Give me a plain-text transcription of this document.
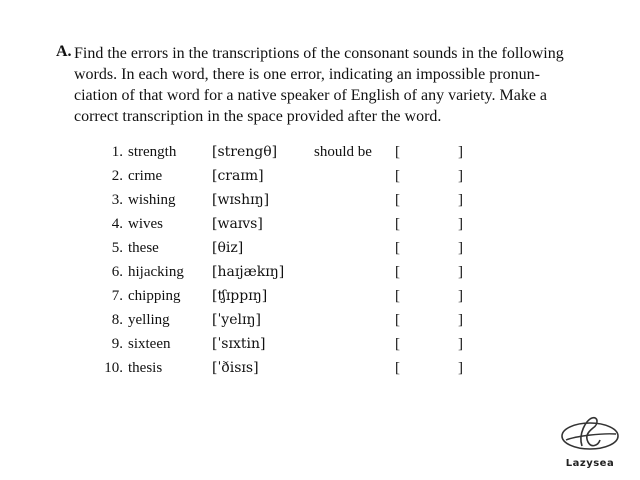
A. Find the errors in the transcriptions of the consonant sounds in the following
words. In each word, there is one error, indicating an impossible pronun-
ciation of that word for a native speaker of English of any variety. Make a
correct transcription in the space provided after the word.
1. strength	[strengθ] should be [	]
2. crime	[craɪm]	[	]
3. wishing	[wɪshɪŋ]	[	]
4. wives	[waɪvs]	[	]
5. these	[θiz]	[	]
6. hijacking [haɪjækɪŋ]	[	]
7. chipping [ʧɪppɪŋ]	[	]
8. yelling	[ˈyelɪŋ]	[	]
9. sixteen	[ˈsɪxtin]	[	]
10. thesis	[ˈðisɪs]	[	]
Lazysea
